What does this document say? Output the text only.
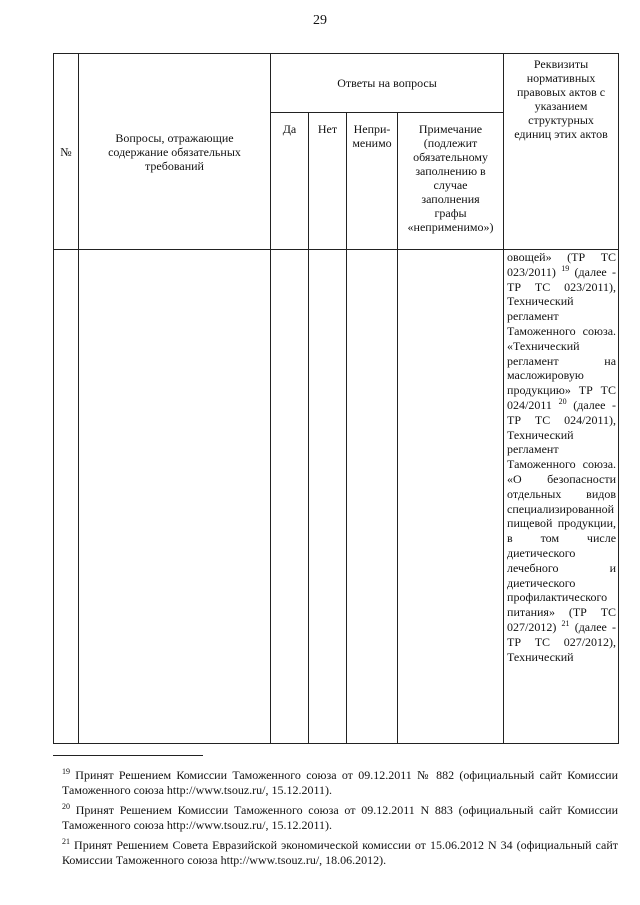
29
№	Вопросы, отражающие содержание обязательных требований	Ответы на вопросы				Реквизиты нормативных правовых актов с указанием структурных единиц этих актов

		Да	Нет	Непри-менимо	Примечание (подлежит обязательному заполнению в случае заполнения графы «неприменимо»)	

						овощей» (ТР ТС 023/2011) $^{19}$ (далее - ТР ТС 023/2011), Технический регламент Таможенного союза. «Технический регламент на масложировую продукцию» ТР ТС 024/2011 $^{20}$ (далее - ТР ТС 024/2011), Технический регламент Таможенного союза. «О безопасности отдельных видов специализированной пищевой продукции, в том числе диетического лечебного и диетического профилактического питания» (ТР ТС 027/2012) $^{21}$ (далее - ТР ТС 027/2012), Технический

$^{19}$ Принят Решением Комиссии Таможенного союза от 09.12.2011 № 882 (официальный сайт Комиссии Таможенного союза http://www.tsouz.ru/, 15.12.2011).

$^{20}$ Принят Решением Комиссии Таможенного союза от 09.12.2011 N 883 (официальный сайт Комиссии Таможенного союза http://www.tsouz.ru/, 15.12.2011).

$^{21}$ Принят Решением Совета Евразийской экономической комиссии от 15.06.2012 N 34 (официальный сайт Комиссии Таможенного союза http://www.tsouz.ru/, 18.06.2012).
